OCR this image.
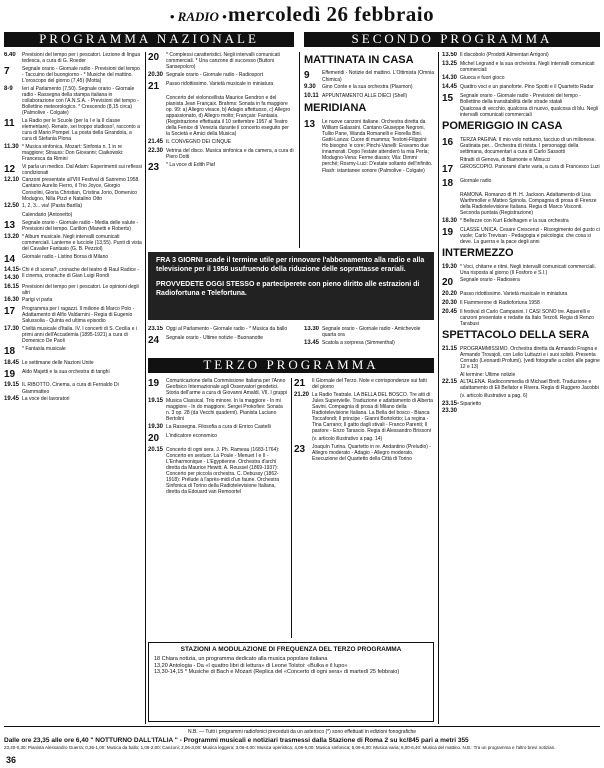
• RADIO • mercoledì 26 febbraio
PROGRAMMA NAZIONALE	SECONDO PROGRAMMA
6.40	Previsioni del tempo per i pescatori. Lezione di lingua tedesca, a cura di G. Roeder
7	Segnale orario - Giornale radio - Previsioni del tempo - Taccuino del buongiorno - * Musiche del mattino. L'oroscopo del giorno (7,45) (Motta)
8-9	Ieri al Parlamento (7,50). Segnale orario - Giornale radio - Rassegna della stampa italiana in collaborazione con l'A.N.S.A. - Previsioni del tempo - Bollettino meteorologico. * Crescendo (8,15 circa) (Palmolive - Colgate)
11	La Radio per le Scuole (per la I e la II classe elementare). Renato, sei troppo studioso!, racconto a cura di Mario Pompei. La posta della Girandola, a cura di Stefania Plona
11.30 * Musica sinfonica. Mozart: Sinfonia n. 1 in re maggiore; Strauss: Don Giovanni; Ciaikowski: Francesca da Rimini
12	Vi parla un medico. Dal Adam: Esperimenti sui reflessi condizionati
12.10 Canzoni presentate all'VIII Festival di Sanremo 1958. Cantano Aurelio Fierro, il Trio Joyce, Giorgio Consolini, Gloria Christian, Cristina Jorio, Domenico Modugno, Nilla Pizzi e Natalino Otto
12.50 1, 2, 3... via! (Pasta Barilla)
Calendario (Antonetto)
13	Segnale orario - Giornale radio - Media delle valute - Previsioni del tempo. Carillon (Manetti e Roberts)
13.20 * Album musicale. Negli intervalli comunicati commerciali. Lanterne e lucciole (13,55). Punti di vista del Cavalier Fantasio (G. B. Pezziol)
14	Giornale radio - Listino Borsa di Milano
14.15-14.30
Chi è di scena?, cronache del teatro di Raul Radice - Il cinema, cronache di Gian Luigi Rondi
16.15 Previsioni del tempo per i pescatori. Le opinioni degli altri
16.30 Parigi vi parla
17	Programma per i ragazzi. Il milione di Marco Polo - Adattamento di Alfio Valdarnini - Regia di Eugenio Salussolia - Quinta ed ultima episodio
17.30 Civiltà musicale d'Italia. IV. I concerti di S. Cecilia e i primi anni dell'Accademia (1895-1921) a cura di Domenico De Paoli
18	* Fantasia musicale
18.45 Le settimane delle Nazioni Unite
19	Aldo Majetti e la sua orchestra di tanghi
19.15 IL RIBOTTO. Cinema, a cura di Fernaldo Di Giammatteo
19.45 La voce dei lavoratori
20	* Complessi caratteristici. Negli intervalli comunicati commerciali. * Una canzone di successo (Buitoni Sansepolcro)
20.30 Segnale orario - Giornale radio - Radiosport
21	Passo ridottissimo. Varietà musicale in miniatura
Concerto del violoncellista Maurice Gendron e del pianista Jean Françaix. Brahms: Sonata in fa maggiore op. 99: a) Allegro vivace, b) Adagio affettuoso, c) Allegro appassionato, d) Allegro molto; Françaix: Fantasia. (Registrazione effettuata il 10 settembre 1957 al Teatro della Fenice di Venezia durante il concerto eseguito per la Società e Amici della Musica)
21.45 IL CONVEGNO DEI CINQUE
22.30 Vetrina del disco. Musica sinfonica e da camera, a cura di Piero Dotti
23	* La voce di Edith Piaf
MATTINATA IN CASA
9	Effemeridi - Notizie del mattino. L'Ottimista (Omnia Chimica)
9.30	Gino Conte e la sua orchestra (Plasmon)
10.11 APPUNTAMENTO ALLE DIECI (Shell)
MERIDIANA
13	Le nuove canzoni italiane. Orchestra diretta da William Galassini. Cantano Giuseppe Negroni, Tullio Pane, Wanda Romanelli e Fiorella Bini. Gatti-Lanza: Cuore di mamma; Testoni-Filippini: Ho bisogno 'e core; Pinchi-Vanelli: Eravamo due innamorati. Dopo l'estate attenderò la mia Perla; Modugno-Vena: Ferme diasso; Vila: Dimmi perché; Rosmy-Luci: D'estate soltanto dell'infinito. Flash: istantanee sonore (Palmolive - Colgate)
13.50 Il discobolo (Prodotti Alimentari Arrigoni)
13.25 Michel Legrand e la sua orchestra. Negli intervalli comunicati commerciali
14.30 Giuoca e fuori gioco
14.45 Quattro voci e un pianoforte. Pino Spotti e il Quartetto Radar
15	Segnale orario - Giornale radio - Previsioni del tempo - Bollettino della transitabilità delle strade statali
Qualcosa di vecchio, qualcosa di nuovo, qualcosa di blu. Negli intervalli comunicati commerciali
POMERIGGIO IN CASA
16	TERZA PAGINA. Il mio volo notturno, tacciuo di un milionese. Gratinata per... Orchestra di rivista. I personaggi della settimana, documentari a cura di Carlo Sassotti
Ritratti di Genova, di Biamonte e Minucci
17	GIROSCOPIO. Panorami d'arte varia, a cura di Francesco Luzi
18	Giornale radio
RAMONA. Romanzo di H. H. Jackson. Adattamento di Lisa Warthmoller e Matteo Spinola. Compagnia di prosa di Firenze della Radiotelevisione Italiana. Regia di Marco Visconti. Seconda puntata (Registrazione)
18.30 * Bellezze con Kurt Edelhagen e la sua orchestra
19	CLASSE UNICA. Cesare Crescenzi - Risorgimento del gusto ci vuole; Carlo Trevisan - Pedagogia e psicologia: che cosa si deve. La guerra e la pace degli anni
INTERMEZZO
19.30 * Voci, chitarre e ritmi. Negli intervalli comunicati commerciali. Una risposta al giorno (Il Fosforo e S.I.)
20	Segnale orario - Radiosera
20.20 Passo ridottissimo. Varietà musicale in miniatura
20.30 Il Fiammerone di Radiofortuna 1958
20.45 Il festival di Carlo Campanini. I CASI SONO tre. Aquerelli e canzoni presentate e redatte da Italo Terzoli. Regia di Renzo Tarabusi
SPETTACOLO DELLA SERA
21.15 PROGRAMMISSIMO. Orchestra diretta da Armando Fragna e Armando Trovajoli, con Lelio Luttazzi e i suoi solisti. Presenta Corrado (Leonardi Profumi). (vedi fotografie a colori alle pagine 12 e 13)
Al termine: Ultime notizie
22.15 ALTALENA. Radiocommedia di Michael Brett. Traduzione e adattamento di Eli Bellator e Rivera. Regia di Ruggero Jacobbi
(v. articolo illustrativo a pag. 6)
23.15-23.30
Siparietto

FRA 3 GIORNI scade il termine utile per rinnovare l'abbonamento alla radio e alla televisione per il 1958 usufruendo della riduzione delle soprattasse erariali.

PROVVEDETE OGGI STESSO e parteciperete con pieno diritto alle estrazioni di Radiofortuna e Telefortuna.

23.15 Oggi al Parlamento - Giornale radio - * Musica da ballo
24	Segnale orario - Ultime notizie - Buonanotte
13.30 Segnale orario - Giornale radio - Amichevole quarta ora
13.45 Scatola a sorpresa (Simmenthal)
TERZO PROGRAMMA
19	Comunicazione della Commissione Italiana per l'Anno Geofisico Internazionale agli Osservatori geodetici. Storia dell'arme a cura di Giovanni Amaldi. VII. I gruppi
19.15 Musica Classical. Trio minore. In la maggiore - In mi maggiore - In do maggiore. Sergei Prokofiev: Sonata n. 3 op. 28 (da Vecchi quaderni). Pianista Luciano Bertolini
19.30 La Rassegna. Filosofia a cura di Enrico Castelli
20	L'indicatore economico
20.15 Concerto di ogni sera. J. Ph. Rameau (1683-1764): Concerto en sextuor. La Poule - Menuet I e II - L'Enharmonique - L'Egyptienne. Orchestra d'archi diretta da Maurice Hewitt. A. Roussel (1869-1937): Concerto per piccola orchestra. C. Debussy (1862-1918): Prélude à l'après-midi d'un faune. Orchestra Sinfonica di Torino della Radiotelevisione Italiana, diretta da Edouard van Remoortel
21	Il Giornale del Terzo. Note e corrispondenze sui fatti del giorno
21.20 La Radio Teatrale. LA BELLA DEL BOSCO. Tre atti di Jules Supervielle. Traduzione e adattamento di Alberta Savini. Compagnia di prosa di Milano della Radiotelevisione Italiana. La Bella del bosco - Bianca Toccafondi; Il principe - Gianni Bortolotto; La regina - Tina Carrano; Il gatto dagli stivali - Franco Parenti; Il pastore - Enzo Tarascio. Regia di Alessandro Brissoni
(v. articolo illustrativo a pag. 14)
23	Joaquín Turina. Quartetto in re. Andantino (Preludio) - Allegro moderato - Adagio - Allegro moderato. Esecuzione del Quartetto della Città di Torino
STAZIONI A MODULAZIONE DI FREQUENZA DEL TERZO PROGRAMMA
18 Chiara notizia, un programma dedicato alla musica popolare italiana
13,20 Antologia - Da «I quattro libri di lettura» di Leone Tolstoi: «Bulka e il lupo»
13,30-14,15 * Musiche di Bach e Mozart (Replica del «Concerto di ogni sera» di martedì 25 febbraio)
N.B. — Tutti i programmi radiofonici preceduti da un asterisco (*) sono effettuati in edizioni fonografiche
Dalle ore 23,35 alle ore 6,40 " NOTTURNO DALL'ITALIA " - Programmi musicali e notiziari trasmessi dalla Stazione di Roma 2 su kc/845 pari a metri 355
23,40-0,30: Pianista Alessandro Guerra; 0,36-1,00: Musica da ballo; 1,06-2,00: Canzoni; 2,06-3,00: Musica leggera; 3,06-4,00: Musica operistica; 4,06-5,00: Musica sinfonica; 5,06-6,00: Musica varia; 6,00-6,40: Musica del mattino. N.B.: Tra un programma e l'altro brevi notiziari.
36
